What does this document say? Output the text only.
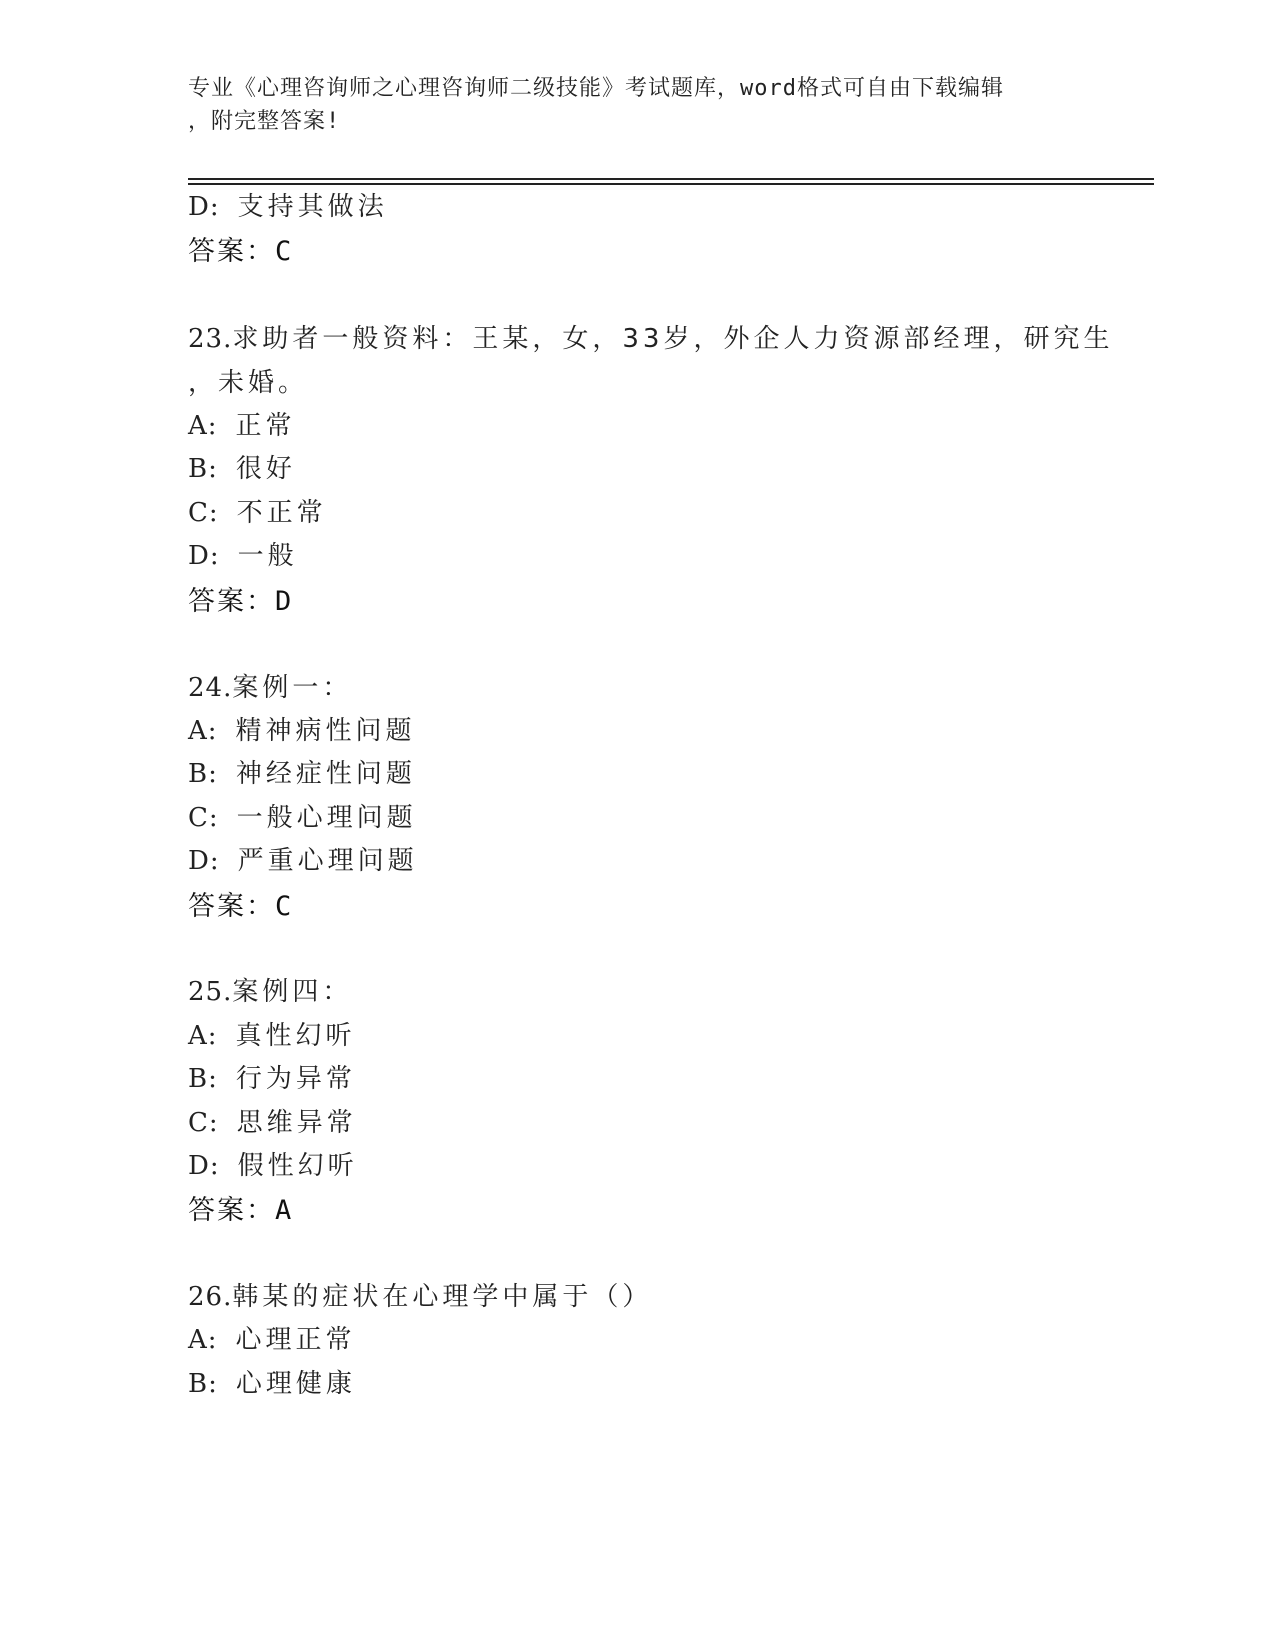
专业《心理咨询师之心理咨询师二级技能》考试题库，word格式可自由下载编辑
，附完整答案!
D: 支持其做法
答案：C
23.求助者一般资料：王某，女，33岁，外企人力资源部经理，研究生
，未婚。
A: 正常
B: 很好
C: 不正常
D: 一般
答案：D
24.案例一：
A: 精神病性问题
B: 神经症性问题
C: 一般心理问题
D: 严重心理问题
答案：C
25.案例四：
A: 真性幻听
B: 行为异常
C: 思维异常
D: 假性幻听
答案：A
26.韩某的症状在心理学中属于（）
A: 心理正常
B: 心理健康
